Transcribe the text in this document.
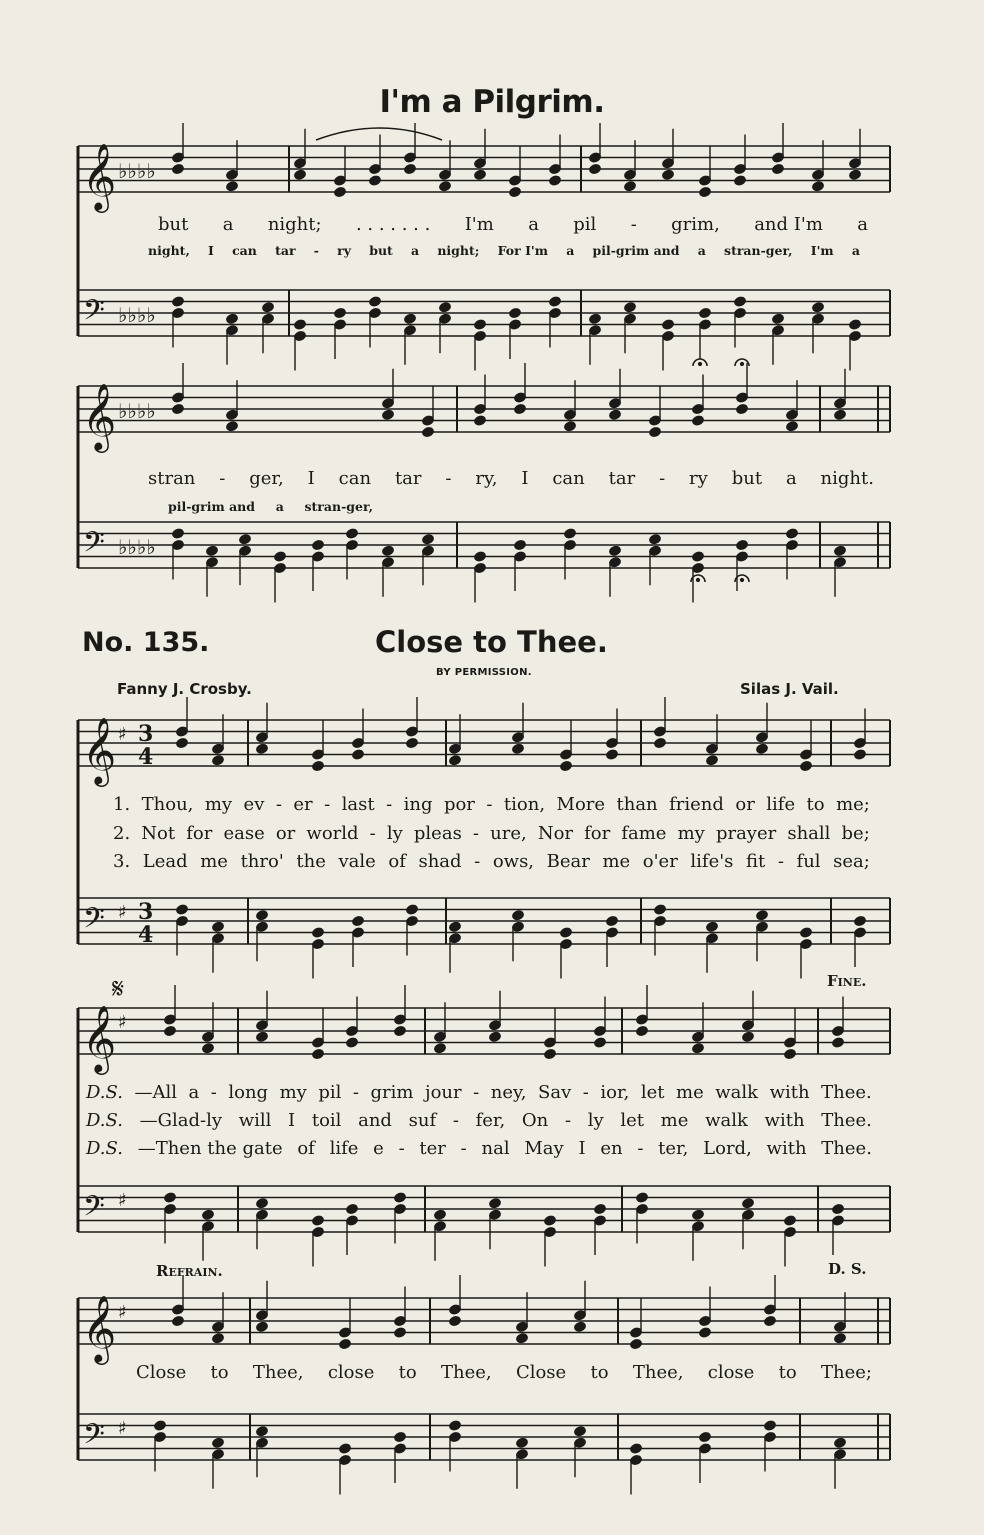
𝄞 ♭♭♭♭
𝄢 ♭♭♭♭
𝄞 ♭♭♭♭
𝄢 ♭♭♭♭
𝄞 ♯ 3
4
𝄢 ♯ 3
4
𝄞 ♯
𝄢 ♯
𝄞 ♯
𝄢 ♯
I'm a Pilgrim.
but a night; . . . . . . . I'm a pil - grim, and I'm a
night, I can tar - ry but a night; For I'm a pil-grim and a stran-ger, I'm a
stran - ger, I can tar - ry, I can tar - ry but a night.
pil-grim and a stran-ger,
No. 135.	Close to Thee.
BY PERMISSION.
Fanny J. Crosby.	Silas J. Vail.
1. Thou, my ev - er - last - ing por - tion, More than friend or life to me;
2. Not for ease or world - ly pleas - ure, Nor for fame my prayer shall be;
3. Lead me thro' the vale of shad - ows, Bear me o'er life's fit - ful sea;
𝄋	Fine.
D.S. —All a - long my pil - grim jour - ney, Sav - ior, let me walk with Thee.
D.S. —Glad-ly will I toil and suf - fer, On - ly let me walk with Thee.
D.S. —Then the gate of life e - ter - nal May I en - ter, Lord, with Thee.
Refrain.	D. S.
Close to Thee, close to Thee, Close to Thee, close to Thee;
